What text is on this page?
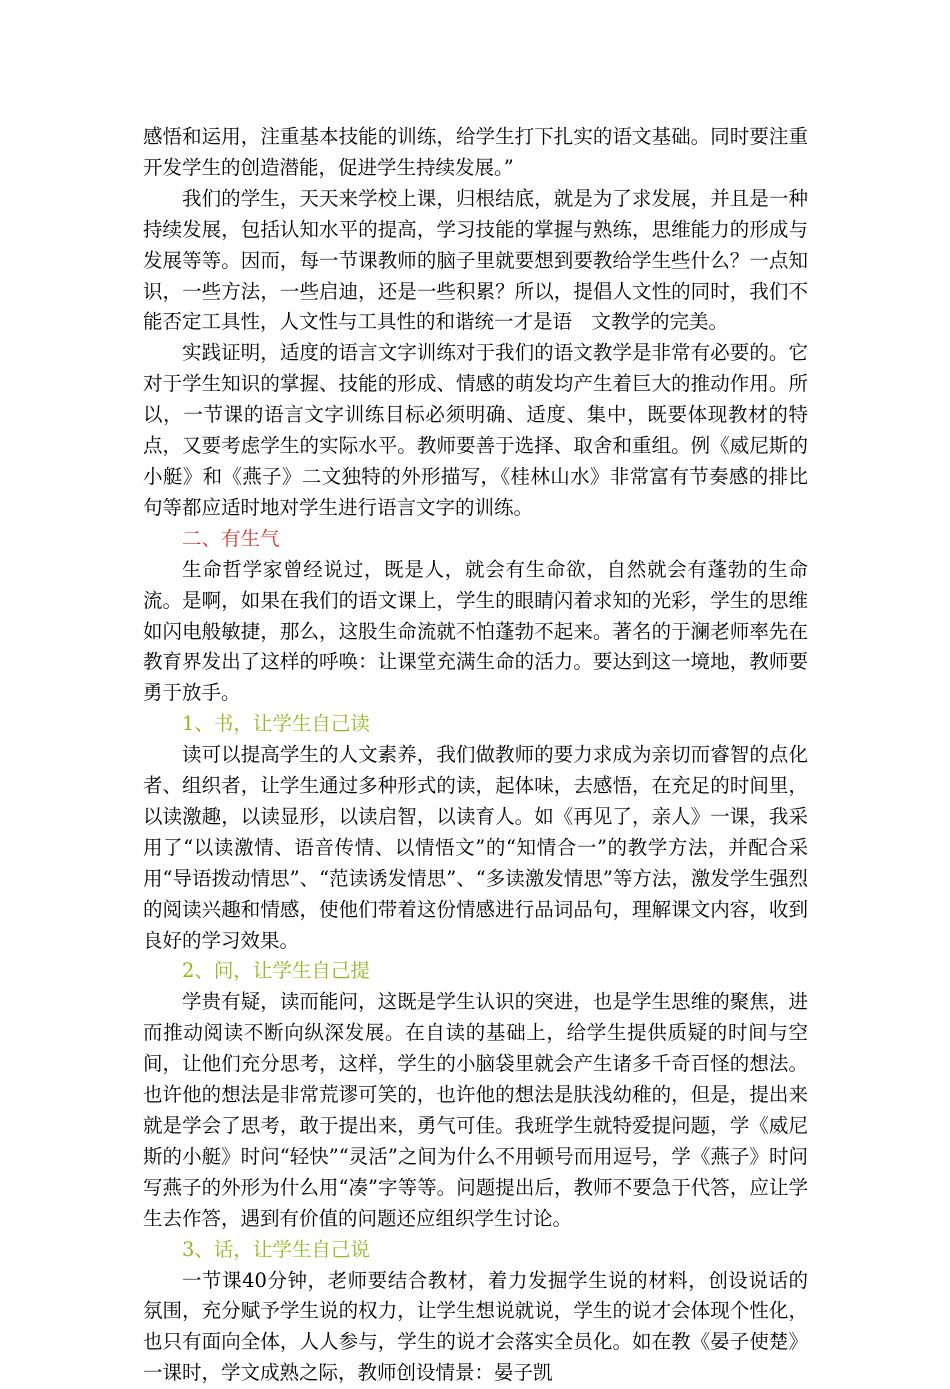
感悟和运用，注重基本技能的训练，给学生打下扎实的语文基础。同时要注重开发学生的创造潜能，促进学生持续发展。”

我们的学生，天天来学校上课，归根结底，就是为了求发展，并且是一种持续发展，包括认知水平的提高，学习技能的掌握与熟练，思维能力的形成与发展等等。因而，每一节课教师的脑子里就要想到要教给学生些什么？一点知识，一些方法，一些启迪，还是一些积累？所以，提倡人文性的同时，我们不能否定工具性，人文性与工具性的和谐统一才是语　文教学的完美。

实践证明，适度的语言文字训练对于我们的语文教学是非常有必要的。它对于学生知识的掌握、技能的形成、情感的萌发均产生着巨大的推动作用。所以，一节课的语言文字训练目标必须明确、适度、集中，既要体现教材的特点，又要考虑学生的实际水平。教师要善于选择、取舍和重组。例《威尼斯的小艇》和《燕子》二文独特的外形描写，《桂林山水》非常富有节奏感的排比句等都应适时地对学生进行语言文字的训练。

二、有生气

生命哲学家曾经说过，既是人，就会有生命欲，自然就会有蓬勃的生命流。是啊，如果在我们的语文课上，学生的眼睛闪着求知的光彩，学生的思维如闪电般敏捷，那么，这股生命流就不怕蓬勃不起来。著名的于澜老师率先在教育界发出了这样的呼唤：让课堂充满生命的活力。要达到这一境地，教师要勇于放手。

1、书，让学生自己读

读可以提高学生的人文素养，我们做教师的要力求成为亲切而睿智的点化者、组织者，让学生通过多种形式的读，起体味，去感悟，在充足的时间里，以读激趣，以读显形，以读启智，以读育人。如《再见了，亲人》一课，我采用了“以读激情、语音传情、以情悟文”的“知情合一”的教学方法，并配合采用“导语拨动情思”、“范读诱发情思”、“多读激发情思”等方法，激发学生强烈的阅读兴趣和情感，使他们带着这份情感进行品词品句，理解课文内容，收到良好的学习效果。

2、问，让学生自己提

学贵有疑，读而能问，这既是学生认识的突进，也是学生思维的聚焦，进而推动阅读不断向纵深发展。在自读的基础上，给学生提供质疑的时间与空间，让他们充分思考，这样，学生的小脑袋里就会产生诸多千奇百怪的想法。也许他的想法是非常荒谬可笑的，也许他的想法是肤浅幼稚的，但是，提出来就是学会了思考，敢于提出来，勇气可佳。我班学生就特爱提问题，学《威尼斯的小艇》时问“轻快”“灵活”之间为什么不用顿号而用逗号，学《燕子》时问写燕子的外形为什么用“凑”字等等。问题提出后，教师不要急于代答，应让学生去作答，遇到有价值的问题还应组织学生讨论。

3、话，让学生自己说

一节课40分钟，老师要结合教材，着力发掘学生说的材料，创设说话的氛围，充分赋予学生说的权力，让学生想说就说，学生的说才会体现个性化，也只有面向全体，人人参与，学生的说才会落实全员化。如在教《晏子使楚》一课时，学文成熟之际，教师创设情景：晏子凯
